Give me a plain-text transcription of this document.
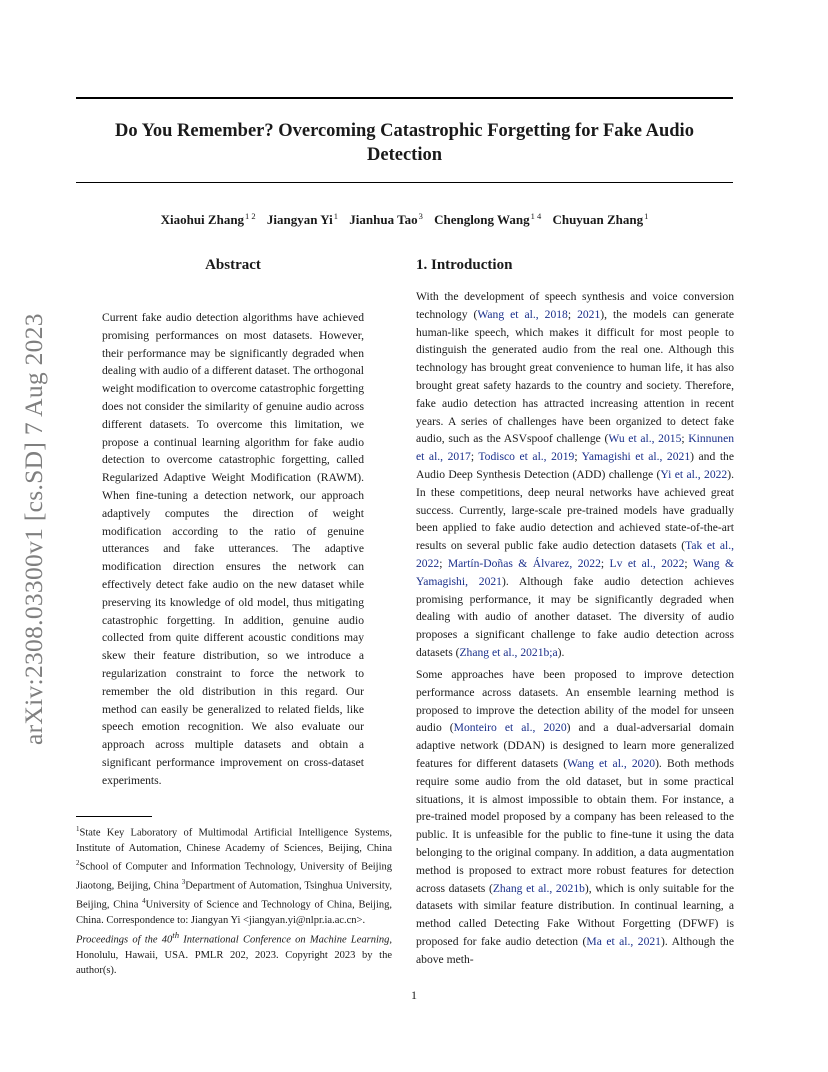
arXiv:2308.03300v1 [cs.SD] 7 Aug 2023
Do You Remember? Overcoming Catastrophic Forgetting for Fake Audio Detection
Xiaohui Zhang$^{1 2}$ Jiangyan Yi$^1$ Jianhua Tao$^3$ Chenglong Wang$^{1 4}$ Chuyuan Zhang$^1$
Abstract
Current fake audio detection algorithms have achieved promising performances on most datasets. However, their performance may be significantly degraded when dealing with audio of a different dataset. The orthogonal weight modification to overcome catastrophic forgetting does not consider the similarity of genuine audio across different datasets. To overcome this limitation, we propose a continual learning algorithm for fake audio detection to overcome catastrophic forgetting, called Regularized Adaptive Weight Modification (RAWM). When fine-tuning a detection network, our approach adaptively computes the direction of weight modification according to the ratio of genuine utterances and fake utterances. The adaptive modification direction ensures the network can effectively detect fake audio on the new dataset while preserving its knowledge of old model, thus mitigating catastrophic forgetting. In addition, genuine audio collected from quite different acoustic conditions may skew their feature distribution, so we introduce a regularization constraint to force the network to remember the old distribution in this regard. Our method can easily be generalized to related fields, like speech emotion recognition. We also evaluate our approach across multiple datasets and obtain a significant performance improvement on cross-dataset experiments.
1. Introduction
With the development of speech synthesis and voice conversion technology (Wang et al., 2018; 2021), the models can generate human-like speech, which makes it difficult for most people to distinguish the generated audio from the real one. Although this technology has brought great convenience to human life, it has also brought great safety hazards to the country and society. Therefore, fake audio detection has attracted increasing attention in recent years. A series of challenges have been organized to detect fake audio, such as the ASVspoof challenge (Wu et al., 2015; Kinnunen et al., 2017; Todisco et al., 2019; Yamagishi et al., 2021) and the Audio Deep Synthesis Detection (ADD) challenge (Yi et al., 2022). In these competitions, deep neural networks have achieved great success. Currently, large-scale pre-trained models have gradually been applied to fake audio detection and achieved state-of-the-art results on several public fake audio detection datasets (Tak et al., 2022; Martín-Doñas & Álvarez, 2022; Lv et al., 2022; Wang & Yamagishi, 2021). Although fake audio detection achieves promising performance, it may be significantly degraded when dealing with audio of another dataset. The diversity of audio proposes a significant challenge to fake audio detection across datasets (Zhang et al., 2021b;a).
Some approaches have been proposed to improve detection performance across datasets. An ensemble learning method is proposed to improve the detection ability of the model for unseen audio (Monteiro et al., 2020) and a dual-adversarial domain adaptive network (DDAN) is designed to learn more generalized features for different datasets (Wang et al., 2020). Both methods require some audio from the old dataset, but in some practical situations, it is almost impossible to obtain them. For instance, a pre-trained model proposed by a company has been released to the public. It is unfeasible for the public to fine-tune it using the data belonging to the original company. In addition, a data augmentation method is proposed to extract more robust features for detection across datasets (Zhang et al., 2021b), which is only suitable for the datasets with similar feature distribution. In continual learning, a method called Detecting Fake Without Forgetting (DFWF) is proposed for fake audio detection (Ma et al., 2021). Although the above meth-
$^1$State Key Laboratory of Multimodal Artificial Intelligence Systems, Institute of Automation, Chinese Academy of Sciences, Beijing, China $^2$School of Computer and Information Technology, University of Beijing Jiaotong, Beijing, China $^3$Department of Automation, Tsinghua University, Beijing, China $^4$University of Science and Technology of China, Beijing, China. Correspondence to: Jiangyan Yi <jiangyan.yi@nlpr.ia.ac.cn>.
Proceedings of the 40th International Conference on Machine Learning, Honolulu, Hawaii, USA. PMLR 202, 2023. Copyright 2023 by the author(s).
1
